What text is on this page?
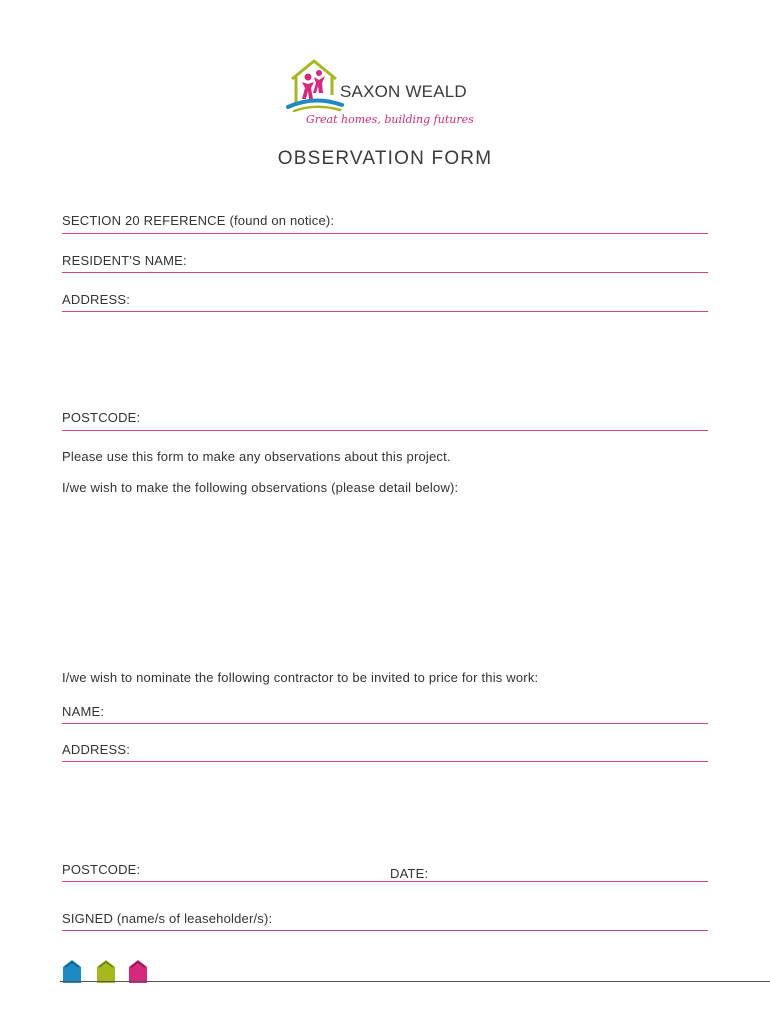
SAXON WEALD
Great homes, building futures
OBSERVATION FORM
SECTION 20 REFERENCE (found on notice):
RESIDENT'S NAME:
ADDRESS:
POSTCODE:
Please use this form to make any observations about this project.
I/we wish to make the following observations (please detail below):
I/we wish to nominate the following contractor to be invited to price for this work:
NAME:
ADDRESS:
POSTCODE:	DATE:
SIGNED (name/s of leaseholder/s):
